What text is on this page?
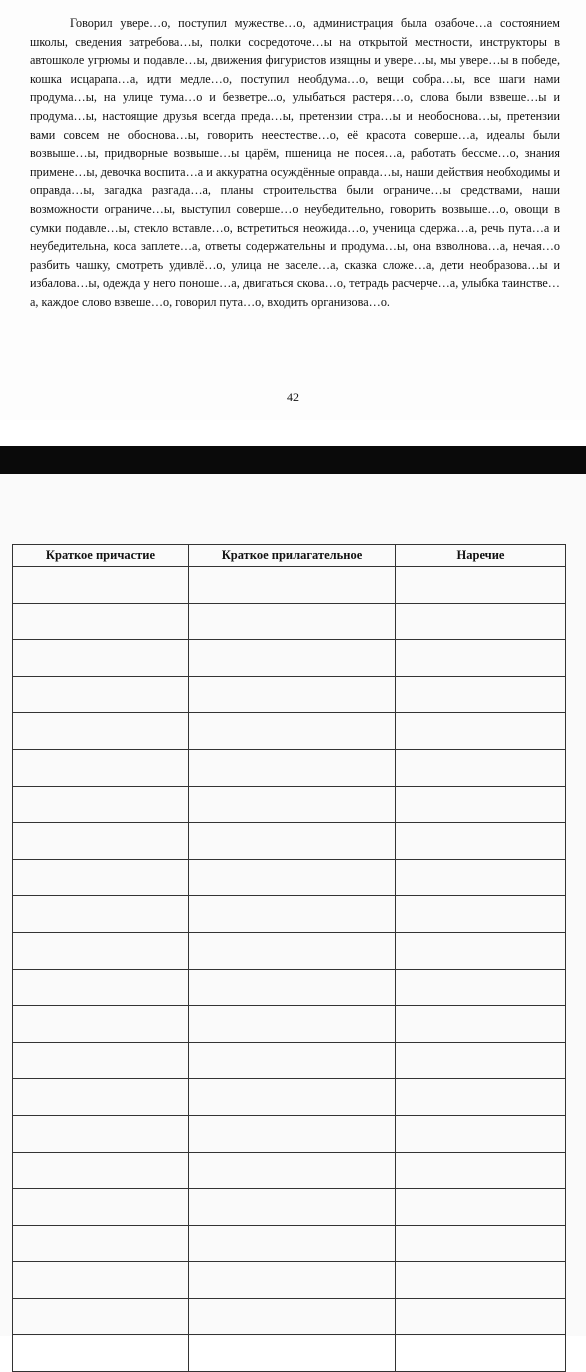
Говорил увере…о, поступил мужестве…о, администрация была озабоче…а состоянием школы, сведения затребова…ы, полки сосредоточе…ы на открытой местности, инструкторы в автошколе угрюмы и подавле…ы, движения фигуристов изящны и увере…ы, мы увере…ы в победе, кошка исцарапа…а, идти медле…о, поступил необдума…о, вещи собра…ы, все шаги нами продума…ы, на улице тума…о и безветре...о, улыбаться растеря…о, слова были взвеше…ы и продума…ы, настоящие друзья всегда преда…ы, претензии стра…ы и необоснова…ы, претензии вами совсем не обоснова…ы, говорить неестестве…о, её красота соверше…а, идеалы были возвыше…ы, придворные возвыше…ы царём, пшеница не посея…а, работать бессме…о, знания примене…ы, девочка воспита…а и аккуратна осуждённые оправда…ы, наши действия необходимы и оправда…ы, загадка разгада…а, планы строительства были ограниче…ы средствами, наши возможности ограниче…ы, выступил соверше…о неубедительно, говорить возвыше…о, овощи в сумки подавле…ы, стекло вставле…о, встретиться неожида…о, ученица сдержа…а, речь пута…а и неубедительна, коса заплете…а, ответы содержательны и продума…ы, она взволнова…а, нечая…о разбить чашку, смотреть удивлё…о, улица не заселе…а, сказка сложе…а, дети необразова…ы и избалова…ы, одежда у него поноше…а, двигаться скова…о, тетрадь расчерче…а, улыбка таинстве…а, каждое слово взвеше…о, говорил пута…о, входить организова…о.

42
Краткое причастие	Краткое прилагательное	Наречие
